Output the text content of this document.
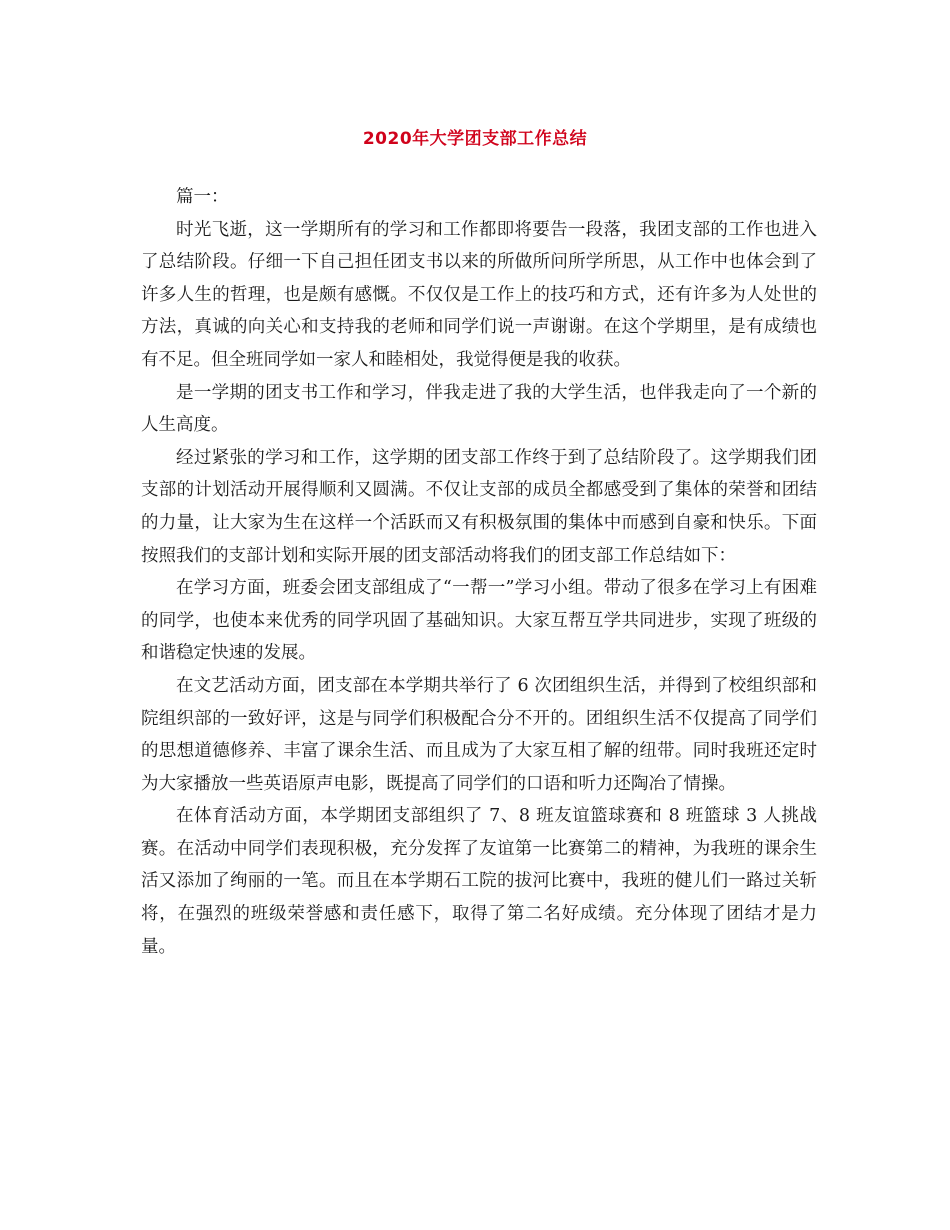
2020年大学团支部工作总结

篇一：

时光飞逝，这一学期所有的学习和工作都即将要告一段落，我团支部的工作也进入了总结阶段。仔细一下自己担任团支书以来的所做所问所学所思，从工作中也体会到了许多人生的哲理，也是颇有感慨。不仅仅是工作上的技巧和方式，还有许多为人处世的方法，真诚的向关心和支持我的老师和同学们说一声谢谢。在这个学期里，是有成绩也有不足。但全班同学如一家人和睦相处，我觉得便是我的收获。

是一学期的团支书工作和学习，伴我走进了我的大学生活，也伴我走向了一个新的人生高度。

经过紧张的学习和工作，这学期的团支部工作终于到了总结阶段了。这学期我们团支部的计划活动开展得顺利又圆满。不仅让支部的成员全都感受到了集体的荣誉和团结的力量，让大家为生在这样一个活跃而又有积极氛围的集体中而感到自豪和快乐。下面按照我们的支部计划和实际开展的团支部活动将我们的团支部工作总结如下：

在学习方面，班委会团支部组成了“一帮一”学习小组。带动了很多在学习上有困难的同学，也使本来优秀的同学巩固了基础知识。大家互帮互学共同进步，实现了班级的和谐稳定快速的发展。

在文艺活动方面，团支部在本学期共举行了 6 次团组织生活，并得到了校组织部和院组织部的一致好评，这是与同学们积极配合分不开的。团组织生活不仅提高了同学们的思想道德修养、丰富了课余生活、而且成为了大家互相了解的纽带。同时我班还定时为大家播放一些英语原声电影，既提高了同学们的口语和听力还陶冶了情操。

在体育活动方面，本学期团支部组织了 7、8 班友谊篮球赛和 8 班篮球 3 人挑战赛。在活动中同学们表现积极，充分发挥了友谊第一比赛第二的精神，为我班的课余生活又添加了绚丽的一笔。而且在本学期石工院的拔河比赛中，我班的健儿们一路过关斩将，在强烈的班级荣誉感和责任感下，取得了第二名好成绩。充分体现了团结才是力量。
